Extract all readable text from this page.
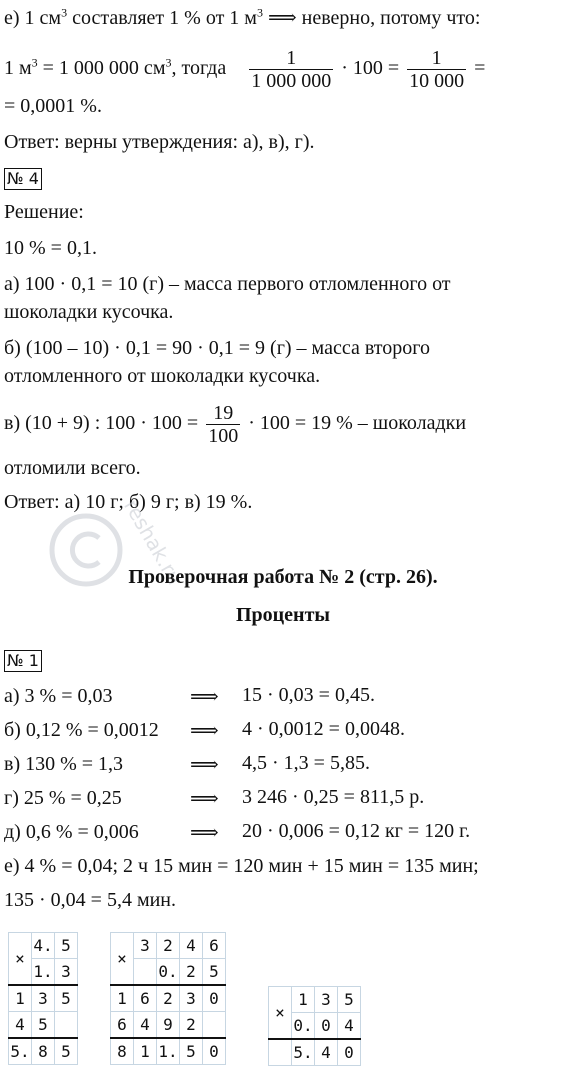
е) 1 $см^3$ составляет 1 % от 1 $м^3$ ⟹ неверно, потому что:
1 $м^3 = 1$ 000 000 $см^3$, тогда $\frac{1}{1 000 000} \cdot 100 = \frac{1}{10 000}$ =
= 0,0001 %.
Ответ: верны утверждения: а), в), г).
№ 4
Решение:
10 % = 0,1.
а) 100 · 0,1 = 10 (г) – масса первого отломленного от
шоколадки кусочка.
б) (100 – 10) · 0,1 = 90 · 0,1 = 9 (г) – масса второго
отломленного от шоколадки кусочка.
в) (10 + 9) : $100 \cdot 100 = \frac{19}{100} \cdot 100 = 19$ % – шоколадки
отломили всего.
Ответ: а) 10 г; б) 9 г; в) 19 %.
reshak.ru
Проверочная работа № 2 (стр. 26).
Проценты
№ 1
а) 3 % = 0,03	⟹ 15 · 0,03 = 0,45.
б) 0,12 % = 0,0012 ⟹ 4 · 0,0012 = 0,0048.
в) 130 % = 1,3	⟹ 4,5 · 1,3 = 5,85.
г) 25 % = 0,25	⟹ 3 246 · 0,25 = 811,5 р.
д) 0,6 % = 0,006	⟹ 20 · 0,006 = 0,12 кг = 120 г.
е) 4 % = 0,04; 2 ч 15 мин = 120 мин + 15 мин = 135 мин;
135 · 0,04 = 5,4 мин.
×	4.	5
	1.	3
1	3	5
4	5	
5.	8	5
×	3	2	4	6
		0.	2	5
1	6	2	3	0
6	4	9	2	
8	1	1.	5	0
×	1	3	5
	0.	0	4
	5.	4	0
